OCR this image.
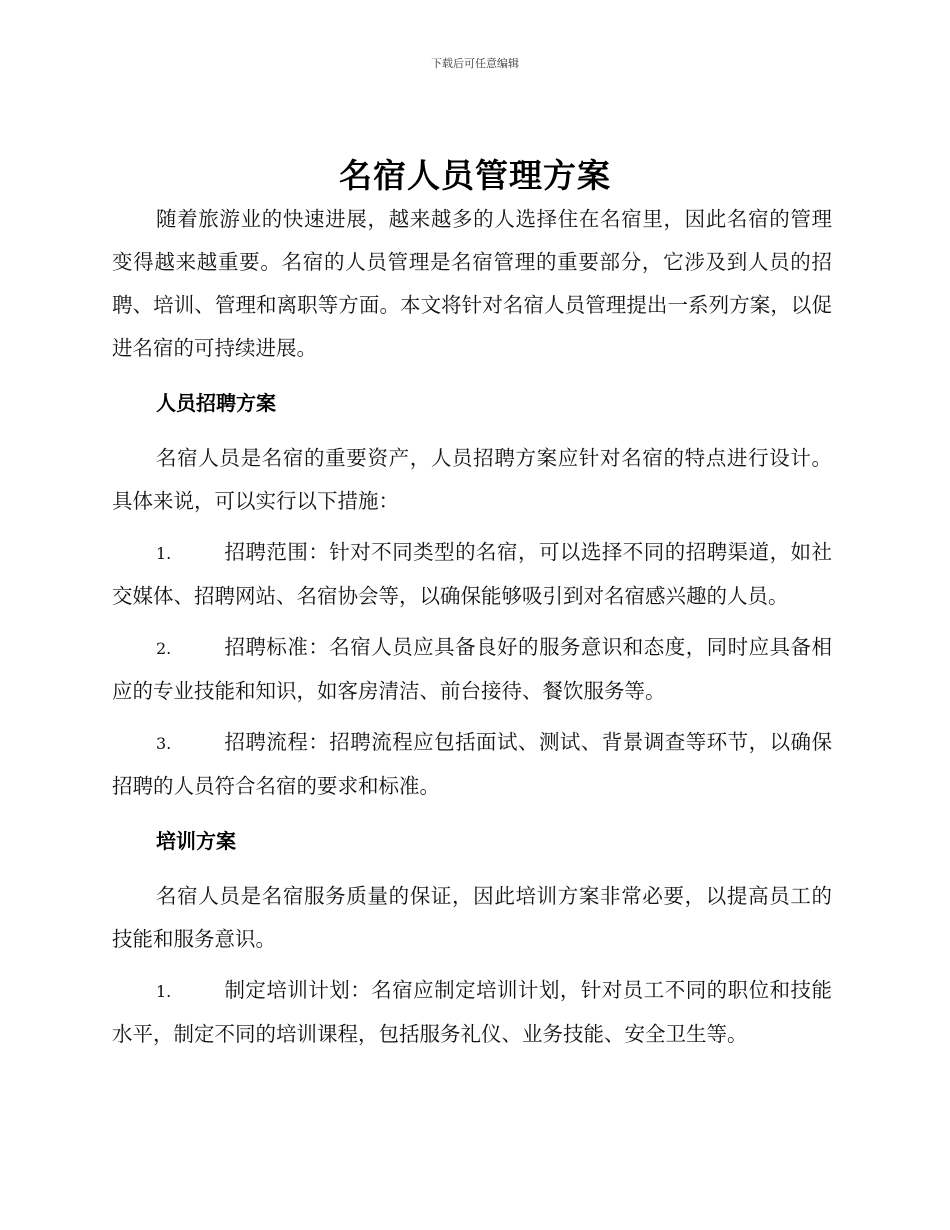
下载后可任意编辑
名宿人员管理方案

随着旅游业的快速进展，越来越多的人选择住在名宿里，因此名宿的管理变得越来越重要。名宿的人员管理是名宿管理的重要部分，它涉及到人员的招聘、培训、管理和离职等方面。本文将针对名宿人员管理提出一系列方案，以促进名宿的可持续进展。

人员招聘方案

名宿人员是名宿的重要资产，人员招聘方案应针对名宿的特点进行设计。具体来说，可以实行以下措施：

1.	招聘范围：针对不同类型的名宿，可以选择不同的招聘渠道，如社交媒体、招聘网站、名宿协会等，以确保能够吸引到对名宿感兴趣的人员。

2.	招聘标准：名宿人员应具备良好的服务意识和态度，同时应具备相应的专业技能和知识，如客房清洁、前台接待、餐饮服务等。

3.	招聘流程：招聘流程应包括面试、测试、背景调查等环节，以确保招聘的人员符合名宿的要求和标准。

培训方案

名宿人员是名宿服务质量的保证，因此培训方案非常必要，以提高员工的技能和服务意识。

1.	制定培训计划：名宿应制定培训计划，针对员工不同的职位和技能水平，制定不同的培训课程，包括服务礼仪、业务技能、安全卫生等。
